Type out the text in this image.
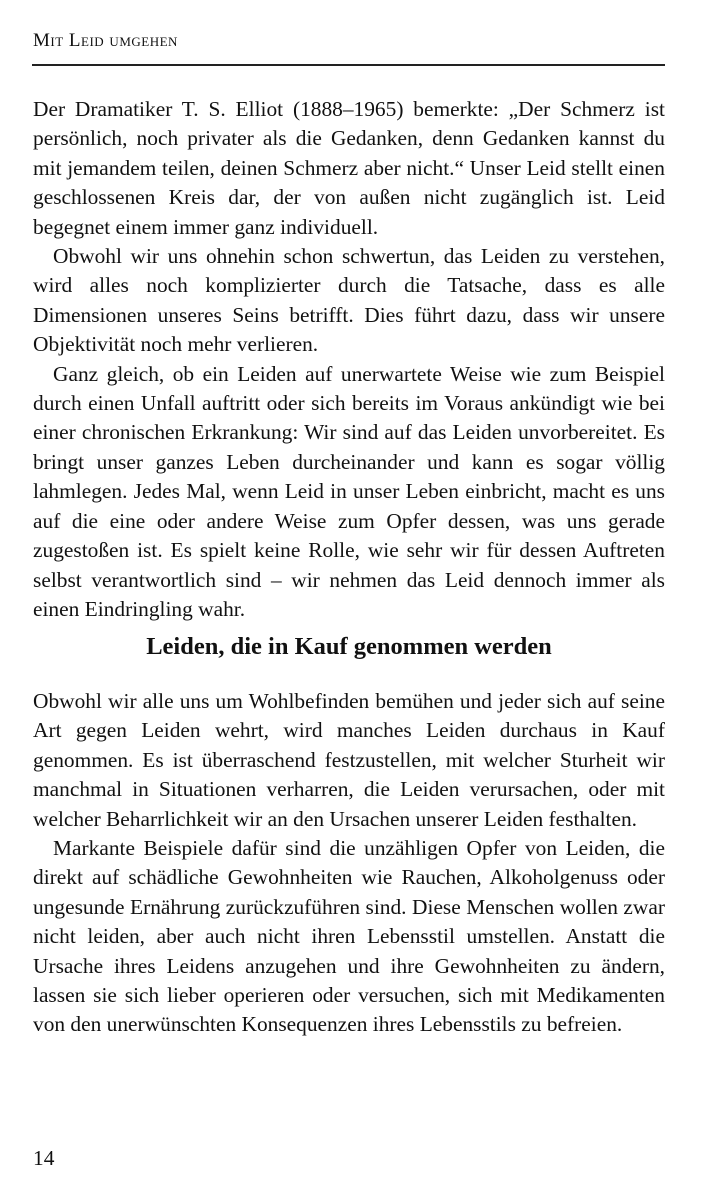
Mit Leid umgehen

Der Dramatiker T. S. Elliot (1888–1965) bemerkte: „Der Schmerz ist persönlich, noch privater als die Gedanken, denn Gedanken kannst du mit jemandem teilen, deinen Schmerz aber nicht.“ Unser Leid stellt einen geschlossenen Kreis dar, der von außen nicht zugänglich ist. Leid begegnet einem immer ganz individuell.

Obwohl wir uns ohnehin schon schwertun, das Leiden zu verstehen, wird alles noch komplizierter durch die Tatsache, dass es alle Dimensionen unseres Seins betrifft. Dies führt dazu, dass wir unsere Objektivität noch mehr verlieren.

Ganz gleich, ob ein Leiden auf unerwartete Weise wie zum Beispiel durch einen Unfall auftritt oder sich bereits im Voraus ankündigt wie bei einer chronischen Erkrankung: Wir sind auf das Leiden unvorbereitet. Es bringt unser ganzes Leben durcheinander und kann es sogar völlig lahmlegen. Jedes Mal, wenn Leid in unser Leben einbricht, macht es uns auf die eine oder andere Weise zum Opfer dessen, was uns gerade zugestoßen ist. Es spielt keine Rolle, wie sehr wir für dessen Auftreten selbst verantwortlich sind – wir nehmen das Leid dennoch immer als einen Eindringling wahr.

Leiden, die in Kauf genommen werden

Obwohl wir alle uns um Wohlbefinden bemühen und jeder sich auf seine Art gegen Leiden wehrt, wird manches Leiden durchaus in Kauf genommen. Es ist überraschend festzustellen, mit welcher Sturheit wir manchmal in Situationen verharren, die Leiden verursachen, oder mit welcher Beharrlichkeit wir an den Ursachen unserer Leiden festhalten.

Markante Beispiele dafür sind die unzähligen Opfer von Leiden, die direkt auf schädliche Gewohnheiten wie Rauchen, Alkoholgenuss oder ungesunde Ernährung zurückzuführen sind. Diese Menschen wollen zwar nicht leiden, aber auch nicht ihren Lebensstil umstellen. Anstatt die Ursache ihres Leidens anzugehen und ihre Gewohnheiten zu ändern, lassen sie sich lieber operieren oder versuchen, sich mit Medikamenten von den unerwünschten Konsequenzen ihres Lebensstils zu befreien.

14
